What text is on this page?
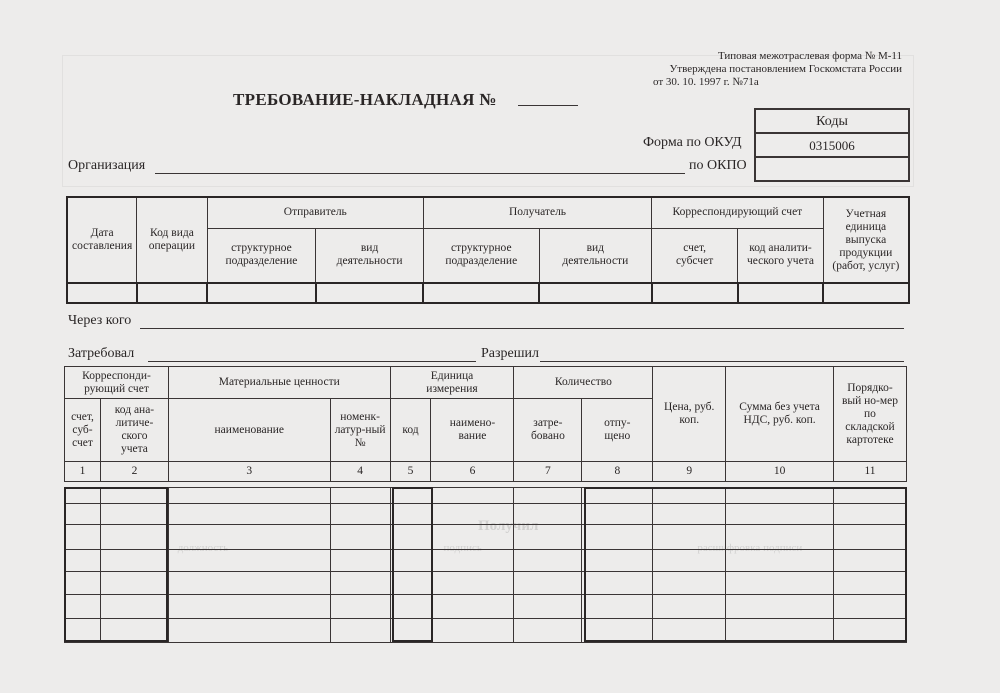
Получил
должность	подпись	расшифровка подписи
Типовая межотраслевая форма № М-11
Утверждена постановлением Госкомстата России
от 30. 10. 1997 г. №71а
ТРЕБОВАНИЕ-НАКЛАДНАЯ №
Коды
0315006

Форма по ОКУД
по ОКПО
Организация
Дата составления	Код вида операции	Отправитель		Получатель		Корреспондирующий счет		Учетная единица выпуска продукции (работ, услуг)
		структурное подразделение	вид деятельности	структурное подразделение	вид деятельности	счет, субсчет	код аналити-ческого учета	

Через кого
Затребовал	Разрешил
Корреспонди-рующий счет		Материальные ценности		Единица измерения		Количество		Цена, руб. коп.	Сумма без учета НДС, руб. коп.	Порядко-вый но-мер по складской картотеке
счет, суб-счет	код ана-литиче-ского учета	наименование	номенк-латур-ный №	код	наимено-вание	затре-бовано	отпу-щено			
1	2	3	4	5	6	7	8	9	10	11
